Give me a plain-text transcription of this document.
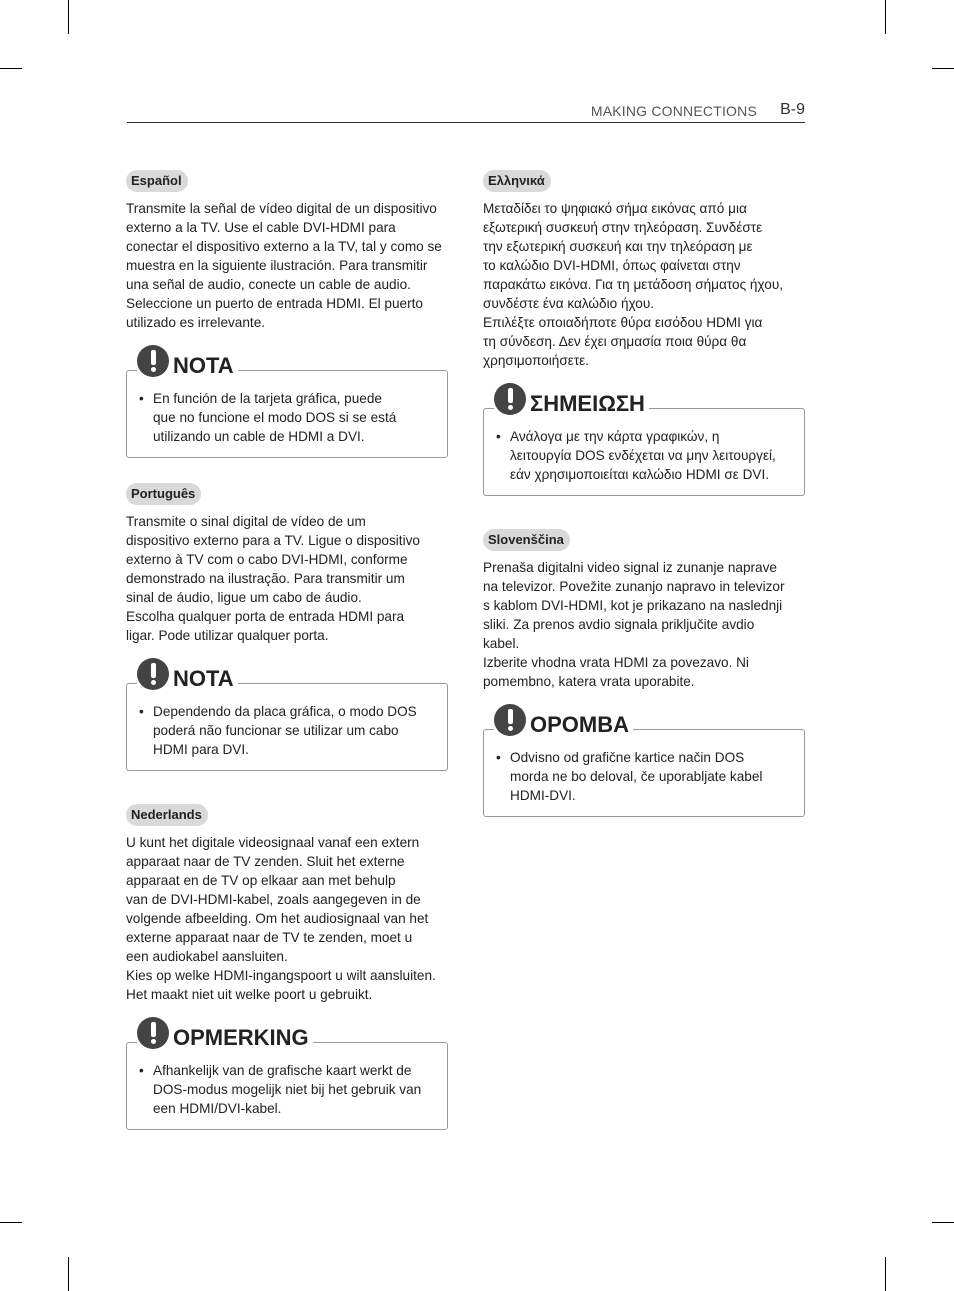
MAKING CONNECTIONS B-9
Español

Transmite la señal de vídeo digital de un dispositivo
externo a la TV. Use el cable DVI-HDMI para
conectar el dispositivo externo a la TV, tal y como se
muestra en la siguiente ilustración. Para transmitir
una señal de audio, conecte un cable de audio.
Seleccione un puerto de entrada HDMI. El puerto
utilizado es irrelevante.

NOTA
• En función de la tarjeta gráfica, puede
que no funcione el modo DOS si se está
utilizando un cable de HDMI a DVI.
Português

Transmite o sinal digital de vídeo de um
dispositivo externo para a TV. Ligue o dispositivo
externo à TV com o cabo DVI-HDMI, conforme
demonstrado na ilustração. Para transmitir um
sinal de áudio, ligue um cabo de áudio.
Escolha qualquer porta de entrada HDMI para
ligar. Pode utilizar qualquer porta.

NOTA
• Dependendo da placa gráfica, o modo DOS
poderá não funcionar se utilizar um cabo
HDMI para DVI.
Nederlands

U kunt het digitale videosignaal vanaf een extern
apparaat naar de TV zenden. Sluit het externe
apparaat en de TV op elkaar aan met behulp
van de DVI-HDMI-kabel, zoals aangegeven in de
volgende afbeelding. Om het audiosignaal van het
externe apparaat naar de TV te zenden, moet u
een audiokabel aansluiten.
Kies op welke HDMI-ingangspoort u wilt aansluiten.
Het maakt niet uit welke poort u gebruikt.

OPMERKING
• Afhankelijk van de grafische kaart werkt de
DOS-modus mogelijk niet bij het gebruik van
een HDMI/DVI-kabel.
Ελληνικά

Μεταδίδει το ψηφιακό σήμα εικόνας από μια
εξωτερική συσκευή στην τηλεόραση. Συνδέστε
την εξωτερική συσκευή και την τηλεόραση με
το καλώδιο DVI-HDMI, όπως φαίνεται στην
παρακάτω εικόνα. Για τη μετάδοση σήματος ήχου,
συνδέστε ένα καλώδιο ήχου.
Επιλέξτε οποιαδήποτε θύρα εισόδου HDMI για
τη σύνδεση. Δεν έχει σημασία ποια θύρα θα
χρησιμοποιήσετε.

ΣΗΜΕΙΩΣΗ
• Ανάλογα με την κάρτα γραφικών, η
λειτουργία DOS ενδέχεται να μην λειτουργεί,
εάν χρησιμοποιείται καλώδιο HDMI σε DVI.
Slovenščina

Prenaša digitalni video signal iz zunanje naprave
na televizor. Povežite zunanjo napravo in televizor
s kablom DVI-HDMI, kot je prikazano na naslednji
sliki. Za prenos avdio signala priključite avdio
kabel.
Izberite vhodna vrata HDMI za povezavo. Ni
pomembno, katera vrata uporabite.

OPOMBA
• Odvisno od grafične kartice način DOS
morda ne bo deloval, če uporabljate kabel
HDMI-DVI.
